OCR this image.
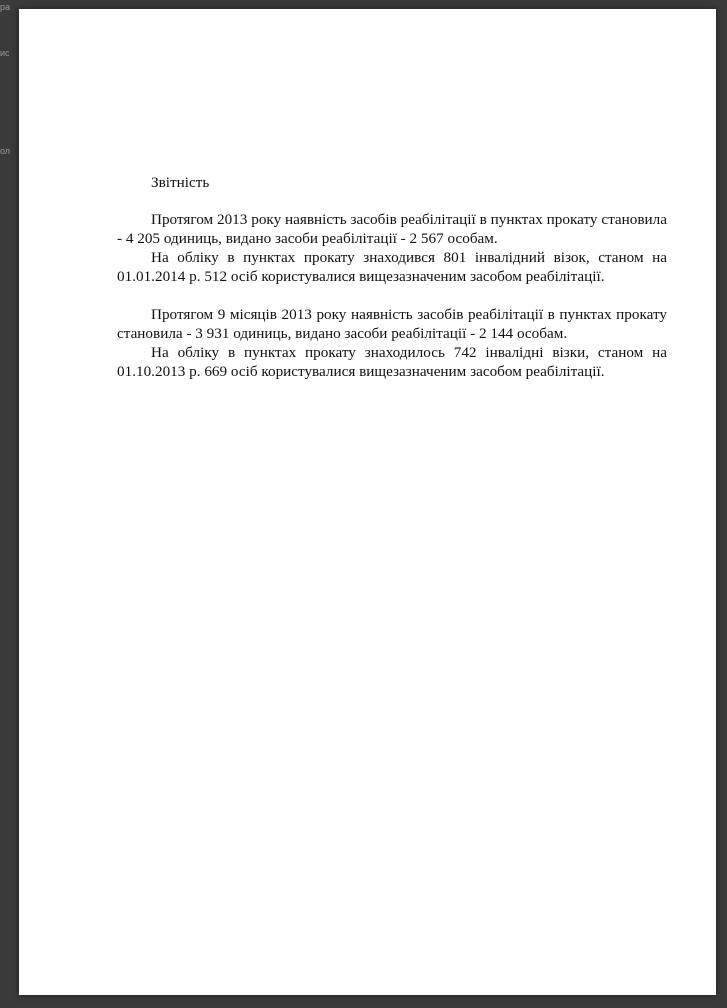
ра
ис
ол

Звітність

Протягом 2013 року наявність засобів реабілітації в пунктах прокату становила - 4 205 одиниць, видано засоби реабілітації - 2 567 особам.

На обліку в пунктах прокату знаходився 801 інвалідний візок, станом на 01.01.2014 р. 512 осіб користувалися вищезазначеним засобом реабілітації.

Протягом 9 місяців 2013 року наявність засобів реабілітації в пунктах прокату становила - 3 931 одиниць, видано засоби реабілітації - 2 144 особам.

На обліку в пунктах прокату знаходилось 742 інвалідні візки, станом на 01.10.2013 р. 669 осіб користувалися вищезазначеним засобом реабілітації.
